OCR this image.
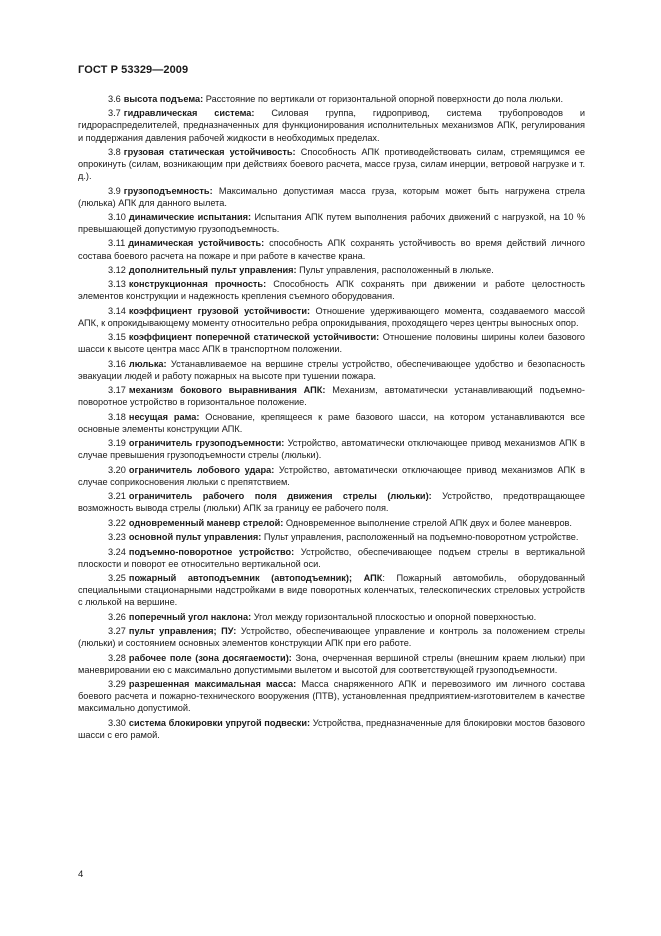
ГОСТ Р 53329—2009

3.6 высота подъема: Расстояние по вертикали от горизонтальной опорной поверхности до пола люльки.

3.7 гидравлическая система: Силовая группа, гидропривод, система трубопроводов и гидрораспределителей, предназначенных для функционирования исполнительных механизмов АПК, регулирования и поддержания давления рабочей жидкости в необходимых пределах.

3.8 грузовая статическая устойчивость: Способность АПК противодействовать силам, стремящимся ее опрокинуть (силам, возникающим при действиях боевого расчета, массе груза, силам инерции, ветровой нагрузке и т. д.).

3.9 грузоподъемность: Максимально допустимая масса груза, которым может быть нагружена стрела (люлька) АПК для данного вылета.

3.10 динамические испытания: Испытания АПК путем выполнения рабочих движений с нагрузкой, на 10 % превышающей допустимую грузоподъемность.

3.11 динамическая устойчивость: способность АПК сохранять устойчивость во время действий личного состава боевого расчета на пожаре и при работе в качестве крана.

3.12 дополнительный пульт управления: Пульт управления, расположенный в люльке.

3.13 конструкционная прочность: Способность АПК сохранять при движении и работе целостность элементов конструкции и надежность крепления съемного оборудования.

3.14 коэффициент грузовой устойчивости: Отношение удерживающего момента, создаваемого массой АПК, к опрокидывающему моменту относительно ребра опрокидывания, проходящего через центры выносных опор.

3.15 коэффициент поперечной статической устойчивости: Отношение половины ширины колеи базового шасси к высоте центра масс АПК в транспортном положении.

3.16 люлька: Устанавливаемое на вершине стрелы устройство, обеспечивающее удобство и безопасность эвакуации людей и работу пожарных на высоте при тушении пожара.

3.17 механизм бокового выравнивания АПК: Механизм, автоматически устанавливающий подъемно-поворотное устройство в горизонтальное положение.

3.18 несущая рама: Основание, крепящееся к раме базового шасси, на котором устанавливаются все основные элементы конструкции АПК.

3.19 ограничитель грузоподъемности: Устройство, автоматически отключающее привод механизмов АПК в случае превышения грузоподъемности стрелы (люльки).

3.20 ограничитель лобового удара: Устройство, автоматически отключающее привод механизмов АПК в случае соприкосновения люльки с препятствием.

3.21 ограничитель рабочего поля движения стрелы (люльки): Устройство, предотвращающее возможность вывода стрелы (люльки) АПК за границу ее рабочего поля.

3.22 одновременный маневр стрелой: Одновременное выполнение стрелой АПК двух и более маневров.

3.23 основной пульт управления: Пульт управления, расположенный на подъемно-поворотном устройстве.

3.24 подъемно-поворотное устройство: Устройство, обеспечивающее подъем стрелы в вертикальной плоскости и поворот ее относительно вертикальной оси.

3.25 пожарный автоподъемник (автоподъемник); АПК: Пожарный автомобиль, оборудованный специальными стационарными надстройками в виде поворотных коленчатых, телескопических стреловых устройств с люлькой на вершине.

3.26 поперечный угол наклона: Угол между горизонтальной плоскостью и опорной поверхностью.

3.27 пульт управления; ПУ: Устройство, обеспечивающее управление и контроль за положением стрелы (люльки) и состоянием основных элементов конструкции АПК при его работе.

3.28 рабочее поле (зона досягаемости): Зона, очерченная вершиной стрелы (внешним краем люльки) при маневрировании ею с максимально допустимыми вылетом и высотой для соответствующей грузоподъемности.

3.29 разрешенная максимальная масса: Масса снаряженного АПК и перевозимого им личного состава боевого расчета и пожарно-технического вооружения (ПТВ), установленная предприятием-изготовителем в качестве максимально допустимой.

3.30 система блокировки упругой подвески: Устройства, предназначенные для блокировки мостов базового шасси с его рамой.

4
